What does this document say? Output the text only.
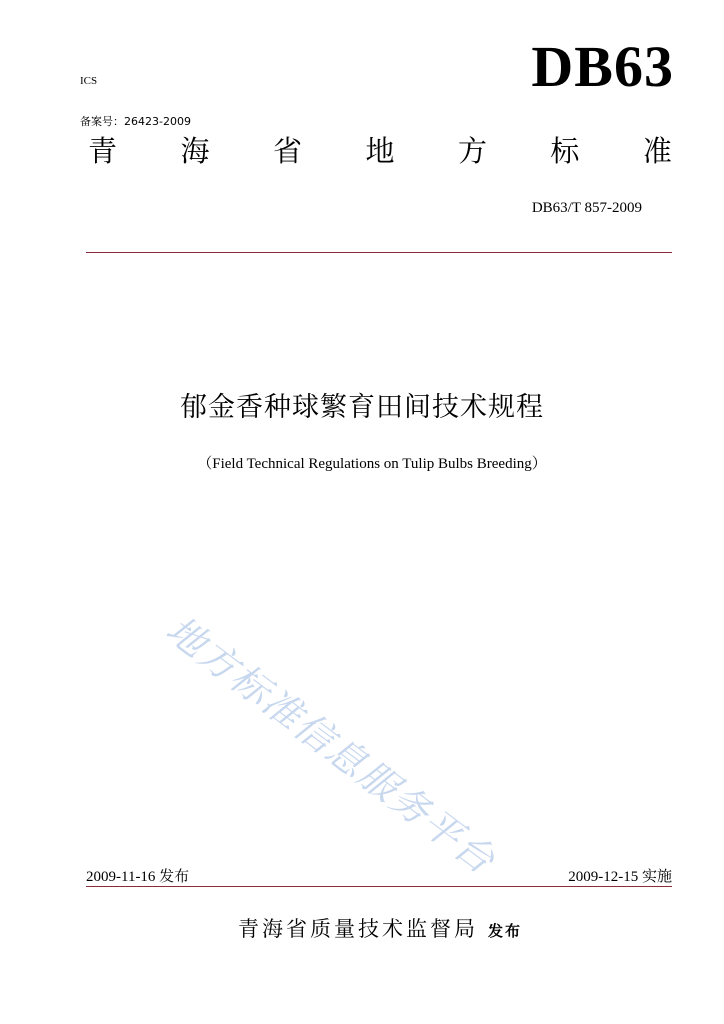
ICS	DB63
备案号：26423-2009
青 海 省 地 方 标 准
DB63/T 857-2009
郁金香种球繁育田间技术规程
（Field Technical Regulations on Tulip Bulbs Breeding）
地方标准信息服务平台
2009-11-16 发布	2009-12-15 实施
青海省质量技术监督局 发布
